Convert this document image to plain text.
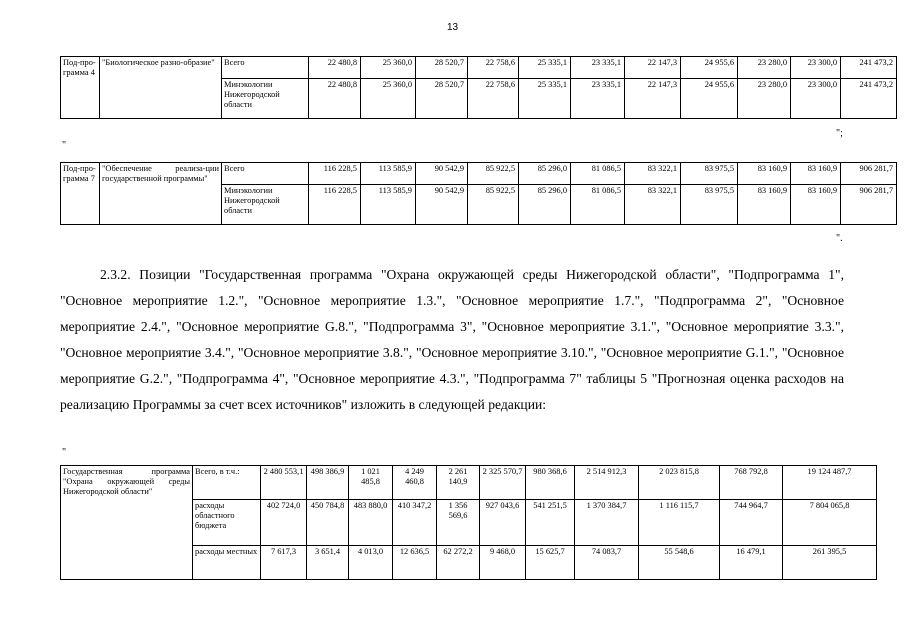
13
Под-про-грамма 4	"Биологическое разно-образие"	Всего	22 480,8	25 360,0	28 520,7	22 758,6	25 335,1	23 335,1	22 147,3	24 955,6	23 280,0	23 300,0	241 473,2
		Минэкологии Нижегородской области	22 480,8	25 360,0	28 520,7	22 758,6	25 335,1	23 335,1	22 147,3	24 955,6	23 280,0	23 300,0	241 473,2
";
"
Под-про-грамма 7	"Обеспечение реализа-ции государственной программы"	Всего	116 228,5	113 585,9	90 542,9	85 922,5	85 296,0	81 086,5	83 322,1	83 975,5	83 160,9	83 160,9	906 281,7
		Минэкологии Нижегородской области	116 228,5	113 585,9	90 542,9	85 922,5	85 296,0	81 086,5	83 322,1	83 975,5	83 160,9	83 160,9	906 281,7
".
2.3.2. Позиции "Государственная программа "Охрана окружающей среды Нижегородской области", "Подпрограмма 1", "Основное мероприятие 1.2.", "Основное мероприятие 1.3.", "Основное мероприятие 1.7.", "Подпрограмма 2", "Основное мероприятие 2.4.", "Основное мероприятие G.8.", "Подпрограмма 3", "Основное мероприятие 3.1.", "Основное мероприятие 3.3.", "Основное мероприятие 3.4.", "Основное мероприятие 3.8.", "Основное мероприятие 3.10.", "Основное мероприятие G.1.", "Основное мероприятие G.2.", "Подпрограмма 4", "Основное мероприятие 4.3.", "Подпрограмма 7" таблицы 5 "Прогнозная оценка расходов на реализацию Программы за счет всех источников" изложить в следующей редакции:
"
Государственная программа "Охрана окружающей среды Нижегородской области"	Всего, в т.ч.:	2 480 553,1	498 386,9	1 021 485,8	4 249 460,8	2 261 140,9	2 325 570,7	980 368,6	2 514 912,3	2 023 815,8	768 792,8	19 124 487,7
	расходы областного бюджета	402 724,0	450 784,8	483 880,0	410 347,2	1 356 569,6	927 043,6	541 251,5	1 370 384,7	1 116 115,7	744 964,7	7 804 065,8
	расходы местных	7 617,3	3 651,4	4 013,0	12 636,5	62 272,2	9 468,0	15 625,7	74 083,7	55 548,6	16 479,1	261 395,5
